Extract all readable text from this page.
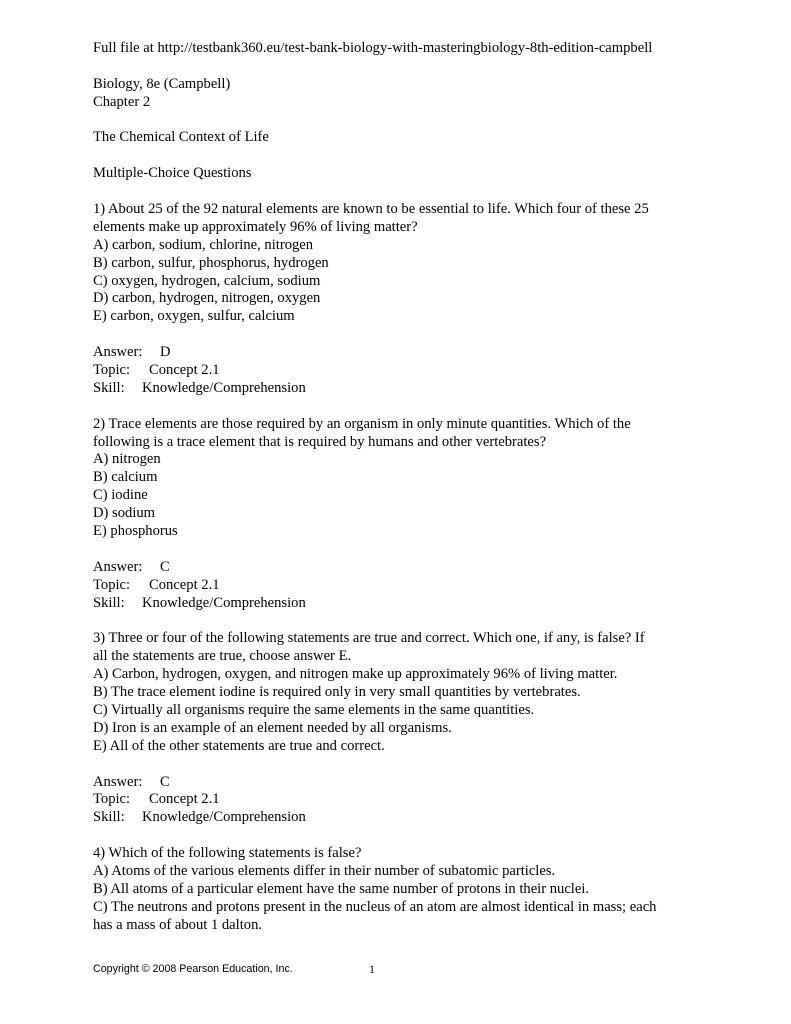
Full file at http://testbank360.eu/test-bank-biology-with-masteringbiology-8th-edition-campbell

Biology, 8e (Campbell)

Chapter 2

The Chemical Context of Life

Multiple-Choice Questions

1) About 25 of the 92 natural elements are known to be essential to life. Which four of these 25

elements make up approximately 96% of living matter?

A) carbon, sodium, chlorine, nitrogen

B) carbon, sulfur, phosphorus, hydrogen

C) oxygen, hydrogen, calcium, sodium

D) carbon, hydrogen, nitrogen, oxygen

E) carbon, oxygen, sulfur, calcium

Answer: D

Topic: Concept 2.1

Skill: Knowledge/Comprehension

2) Trace elements are those required by an organism in only minute quantities. Which of the

following is a trace element that is required by humans and other vertebrates?

A) nitrogen

B) calcium

C) iodine

D) sodium

E) phosphorus

Answer: C

Topic: Concept 2.1

Skill: Knowledge/Comprehension

3) Three or four of the following statements are true and correct. Which one, if any, is false? If

all the statements are true, choose answer E.

A) Carbon, hydrogen, oxygen, and nitrogen make up approximately 96% of living matter.

B) The trace element iodine is required only in very small quantities by vertebrates.

C) Virtually all organisms require the same elements in the same quantities.

D) Iron is an example of an element needed by all organisms.

E) All of the other statements are true and correct.

Answer: C

Topic: Concept 2.1

Skill: Knowledge/Comprehension

4) Which of the following statements is false?

A) Atoms of the various elements differ in their number of subatomic particles.

B) All atoms of a particular element have the same number of protons in their nuclei.

C) The neutrons and protons present in the nucleus of an atom are almost identical in mass; each

has a mass of about 1 dalton.

Copyright © 2008 Pearson Education, Inc.	1
